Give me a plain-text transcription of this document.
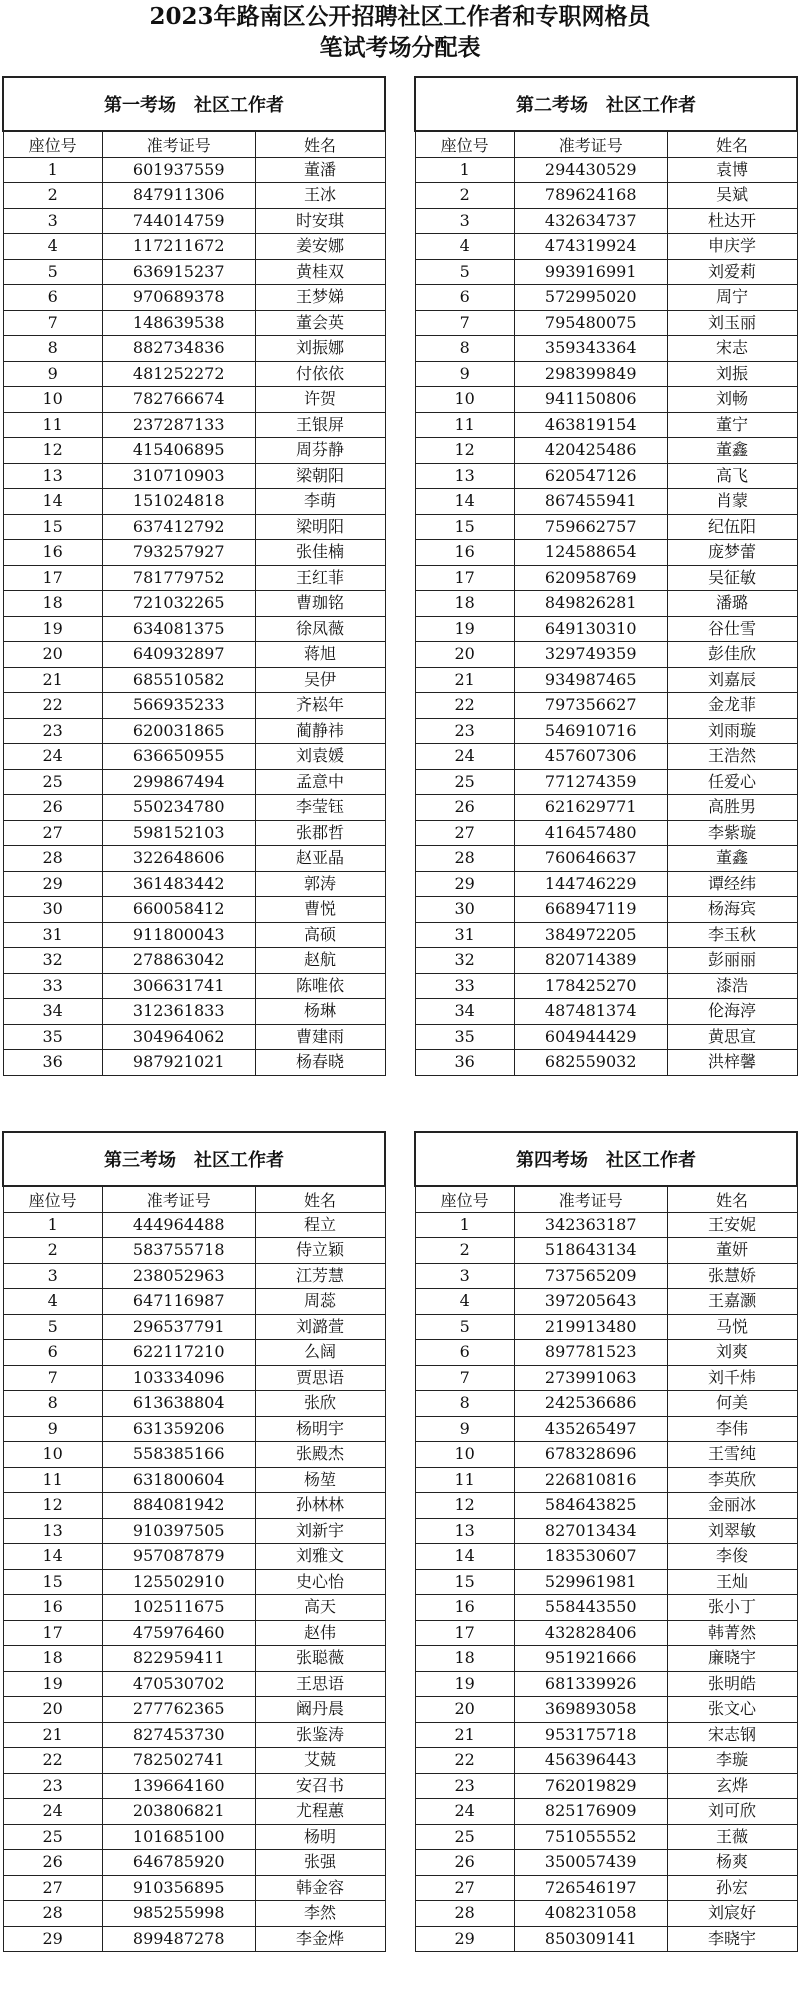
2023年路南区公开招聘社区工作者和专职网格员
笔试考场分配表
第一考场　社区工作者		
座位号	准考证号	姓名
1	601937559	董潘
2	847911306	王冰
3	744014759	时安琪
4	117211672	姜安娜
5	636915237	黄桂双
6	970689378	王梦娣
7	148639538	董会英
8	882734836	刘振娜
9	481252272	付依依
10	782766674	许贺
11	237287133	王银屏
12	415406895	周芬静
13	310710903	梁朝阳
14	151024818	李萌
15	637412792	梁明阳
16	793257927	张佳楠
17	781779752	王红菲
18	721032265	曹珈铭
19	634081375	徐凤薇
20	640932897	蒋旭
21	685510582	吴伊
22	566935233	齐崧年
23	620031865	蔺静祎
24	636650955	刘袁媛
25	299867494	孟意中
26	550234780	李莹钰
27	598152103	张郡哲
28	322648606	赵亚晶
29	361483442	郭涛
30	660058412	曹悦
31	911800043	高硕
32	278863042	赵航
33	306631741	陈唯依
34	312361833	杨琳
35	304964062	曹建雨
36	987921021	杨春晓
第二考场　社区工作者		
座位号	准考证号	姓名
1	294430529	袁博
2	789624168	吴斌
3	432634737	杜达开
4	474319924	申庆学
5	993916991	刘爱莉
6	572995020	周宁
7	795480075	刘玉丽
8	359343364	宋志
9	298399849	刘振
10	941150806	刘畅
11	463819154	董宁
12	420425486	董鑫
13	620547126	高飞
14	867455941	肖蒙
15	759662757	纪伍阳
16	124588654	庞梦蕾
17	620958769	吴征敏
18	849826281	潘璐
19	649130310	谷仕雪
20	329749359	彭佳欣
21	934987465	刘嘉辰
22	797356627	金龙菲
23	546910716	刘雨璇
24	457607306	王浩然
25	771274359	任爱心
26	621629771	高胜男
27	416457480	李紫璇
28	760646637	董鑫
29	144746229	谭经纬
30	668947119	杨海宾
31	384972205	李玉秋
32	820714389	彭丽丽
33	178425270	漆浩
34	487481374	伦海渟
35	604944429	黄思宣
36	682559032	洪梓馨
第三考场　社区工作者		
座位号	准考证号	姓名
1	444964488	程立
2	583755718	侍立颖
3	238052963	江芳慧
4	647116987	周蕊
5	296537791	刘潞萱
6	622117210	么阔
7	103334096	贾思语
8	613638804	张欣
9	631359206	杨明宇
10	558385166	张殿杰
11	631800604	杨堃
12	884081942	孙林林
13	910397505	刘新宇
14	957087879	刘雅文
15	125502910	史心怡
16	102511675	高天
17	475976460	赵伟
18	822959411	张聪薇
19	470530702	王思语
20	277762365	阚丹晨
21	827453730	张鉴涛
22	782502741	艾兢
23	139664160	安召书
24	203806821	尤程蕙
25	101685100	杨明
26	646785920	张强
27	910356895	韩金容
28	985255998	李然
29	899487278	李金烨
第四考场　社区工作者		
座位号	准考证号	姓名
1	342363187	王安妮
2	518643134	董妍
3	737565209	张慧娇
4	397205643	王嘉灏
5	219913480	马悦
6	897781523	刘爽
7	273991063	刘千炜
8	242536686	何美
9	435265497	李伟
10	678328696	王雪纯
11	226810816	李英欣
12	584643825	金丽冰
13	827013434	刘翠敏
14	183530607	李俊
15	529961981	王灿
16	558443550	张小丁
17	432828406	韩菁然
18	951921666	廉晓宇
19	681339926	张明皓
20	369893058	张文心
21	953175718	宋志钢
22	456396443	李璇
23	762019829	玄烨
24	825176909	刘可欣
25	751055552	王薇
26	350057439	杨爽
27	726546197	孙宏
28	408231058	刘宸好
29	850309141	李晓宇
